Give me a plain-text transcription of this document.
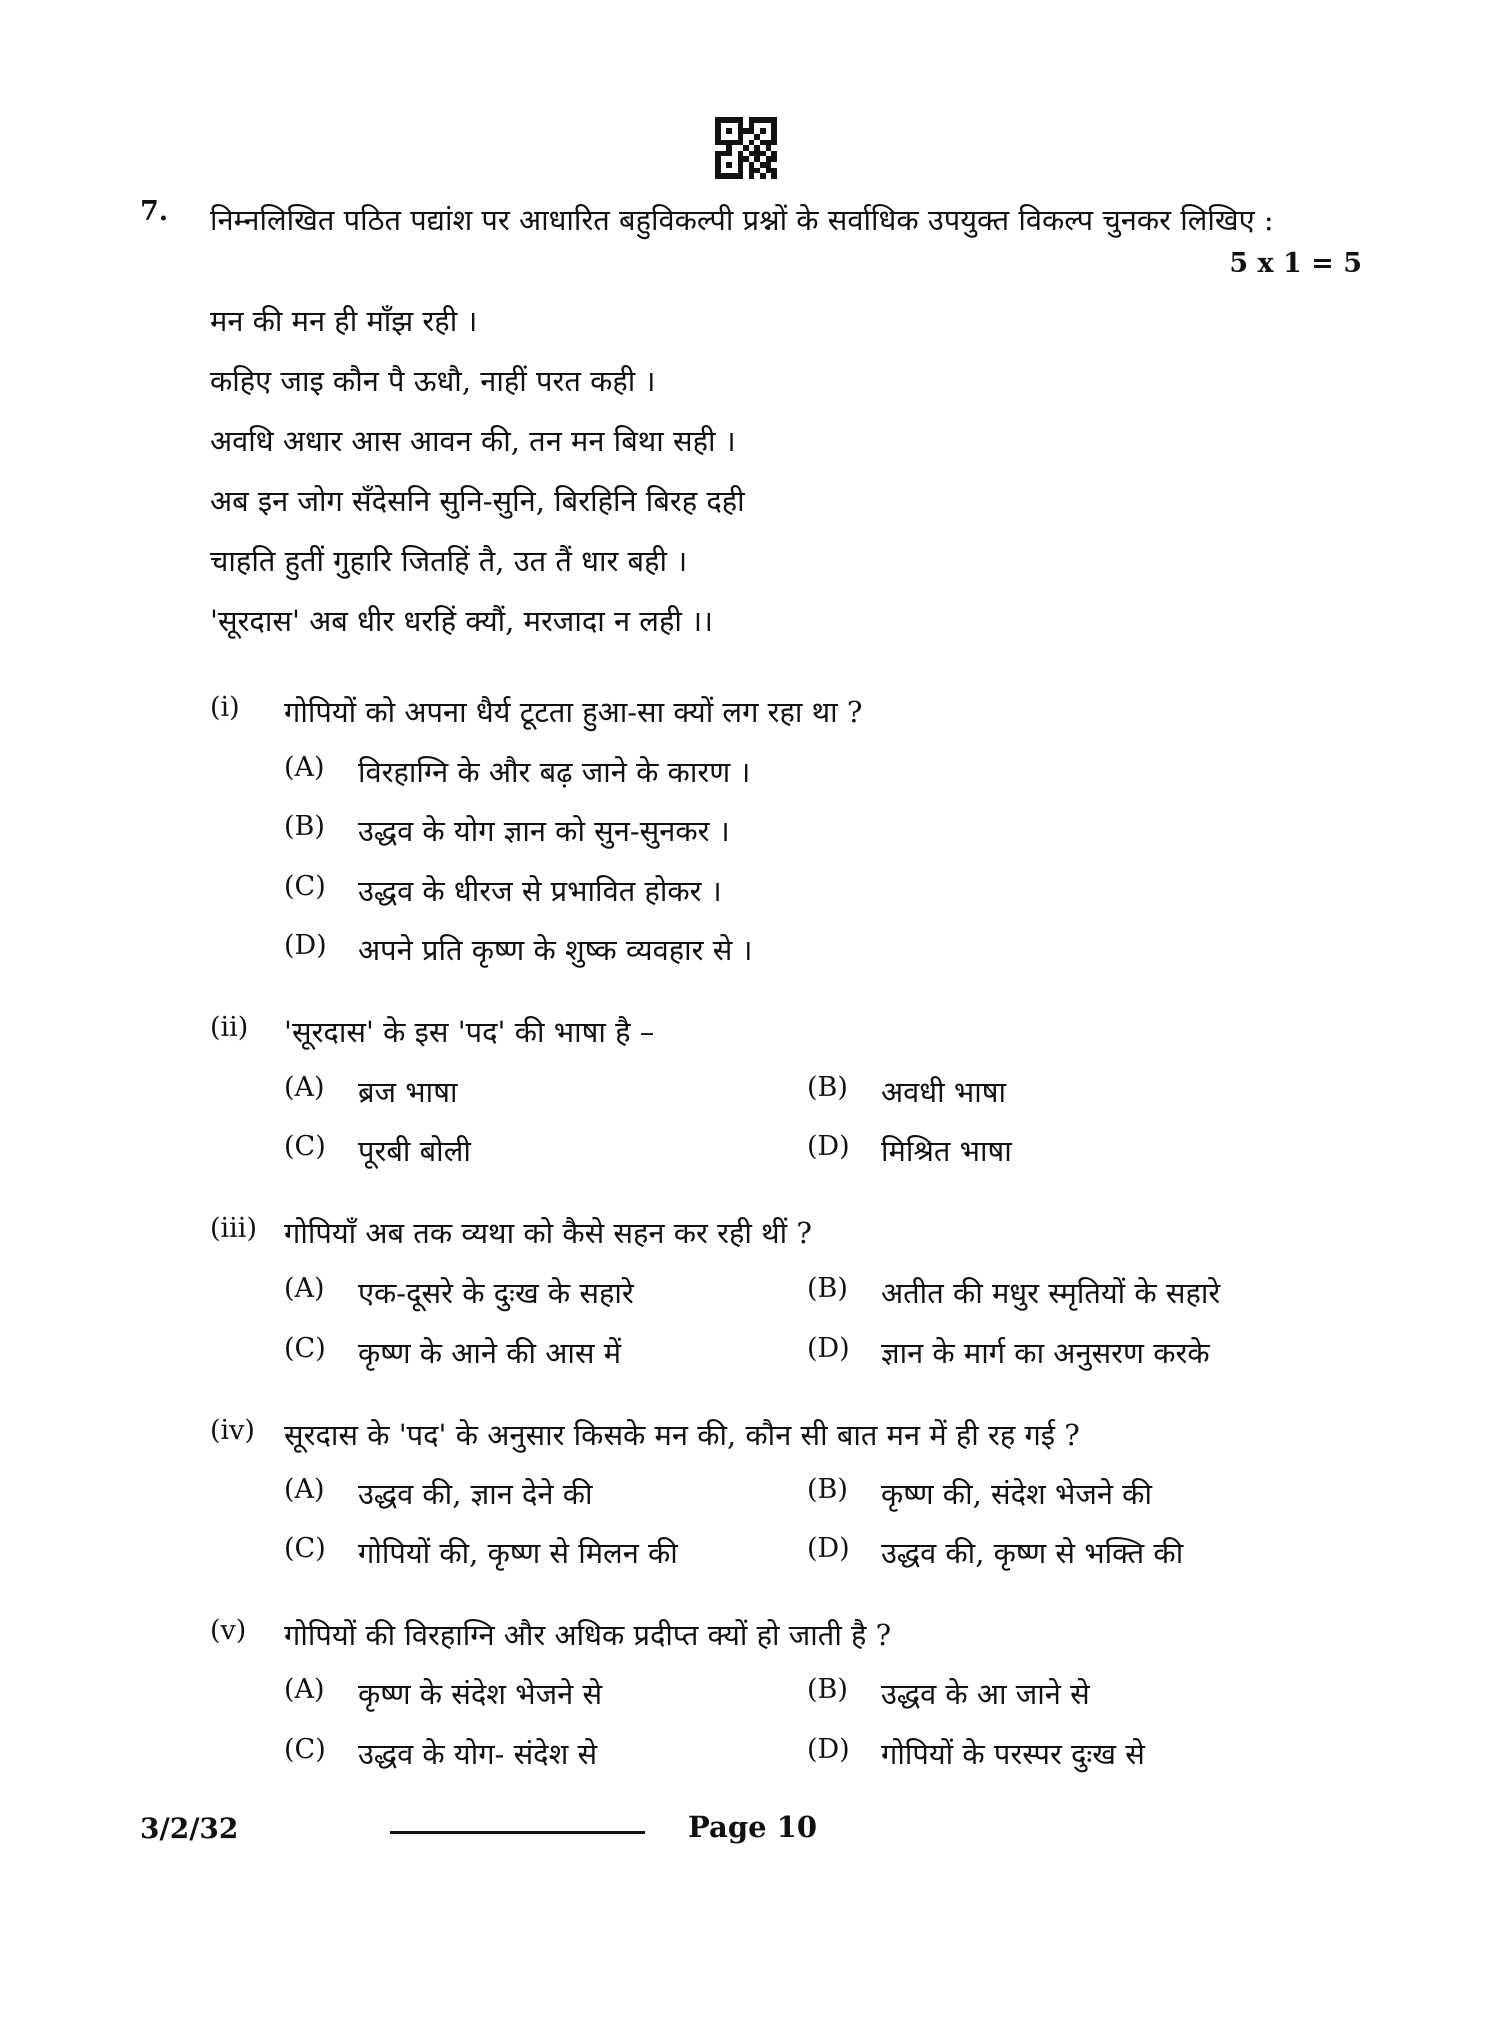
7. निम्नलिखित पठित पद्यांश पर आधारित बहुविकल्पी प्रश्नों के सर्वाधिक उपयुक्त विकल्प चुनकर लिखिए :
5 x 1 = 5
मन की मन ही माँझ रही ।
कहिए जाइ कौन पै ऊधौ, नाहीं परत कही ।
अवधि अधार आस आवन की, तन मन बिथा सही ।
अब इन जोग सँदेसनि सुनि-सुनि, बिरहिनि बिरह दही
चाहति हुतीं गुहारि जितहिं तै, उत तैं धार बही ।
'सूरदास' अब धीर धरहिं क्यौं, मरजादा न लही ।।
(i) गोपियों को अपना धैर्य टूटता हुआ-सा क्यों लग रहा था ?
(A) विरहाग्नि के और बढ़ जाने के कारण ।
(B) उद्धव के योग ज्ञान को सुन-सुनकर ।
(C) उद्धव के धीरज से प्रभावित होकर ।
(D) अपने प्रति कृष्ण के शुष्क व्यवहार से ।
(ii) 'सूरदास' के इस 'पद' की भाषा है –
(A) ब्रज भाषा	(B) अवधी भाषा
(C) पूरबी बोली	(D) मिश्रित भाषा
(iii) गोपियाँ अब तक व्यथा को कैसे सहन कर रही थीं ?
(A) एक-दूसरे के दुःख के सहारे	(B) अतीत की मधुर स्मृतियों के सहारे
(C) कृष्ण के आने की आस में	(D) ज्ञान के मार्ग का अनुसरण करके
(iv) सूरदास के 'पद' के अनुसार किसके मन की, कौन सी बात मन में ही रह गई ?
(A) उद्धव की, ज्ञान देने की	(B) कृष्ण की, संदेश भेजने की
(C) गोपियों की, कृष्ण से मिलन की	(D) उद्धव की, कृष्ण से भक्ति की
(v) गोपियों की विरहाग्नि और अधिक प्रदीप्त क्यों हो जाती है ?
(A) कृष्ण के संदेश भेजने से	(B) उद्धव के आ जाने से
(C) उद्धव के योग- संदेश से	(D) गोपियों के परस्पर दुःख से
3/2/32	Page 10
